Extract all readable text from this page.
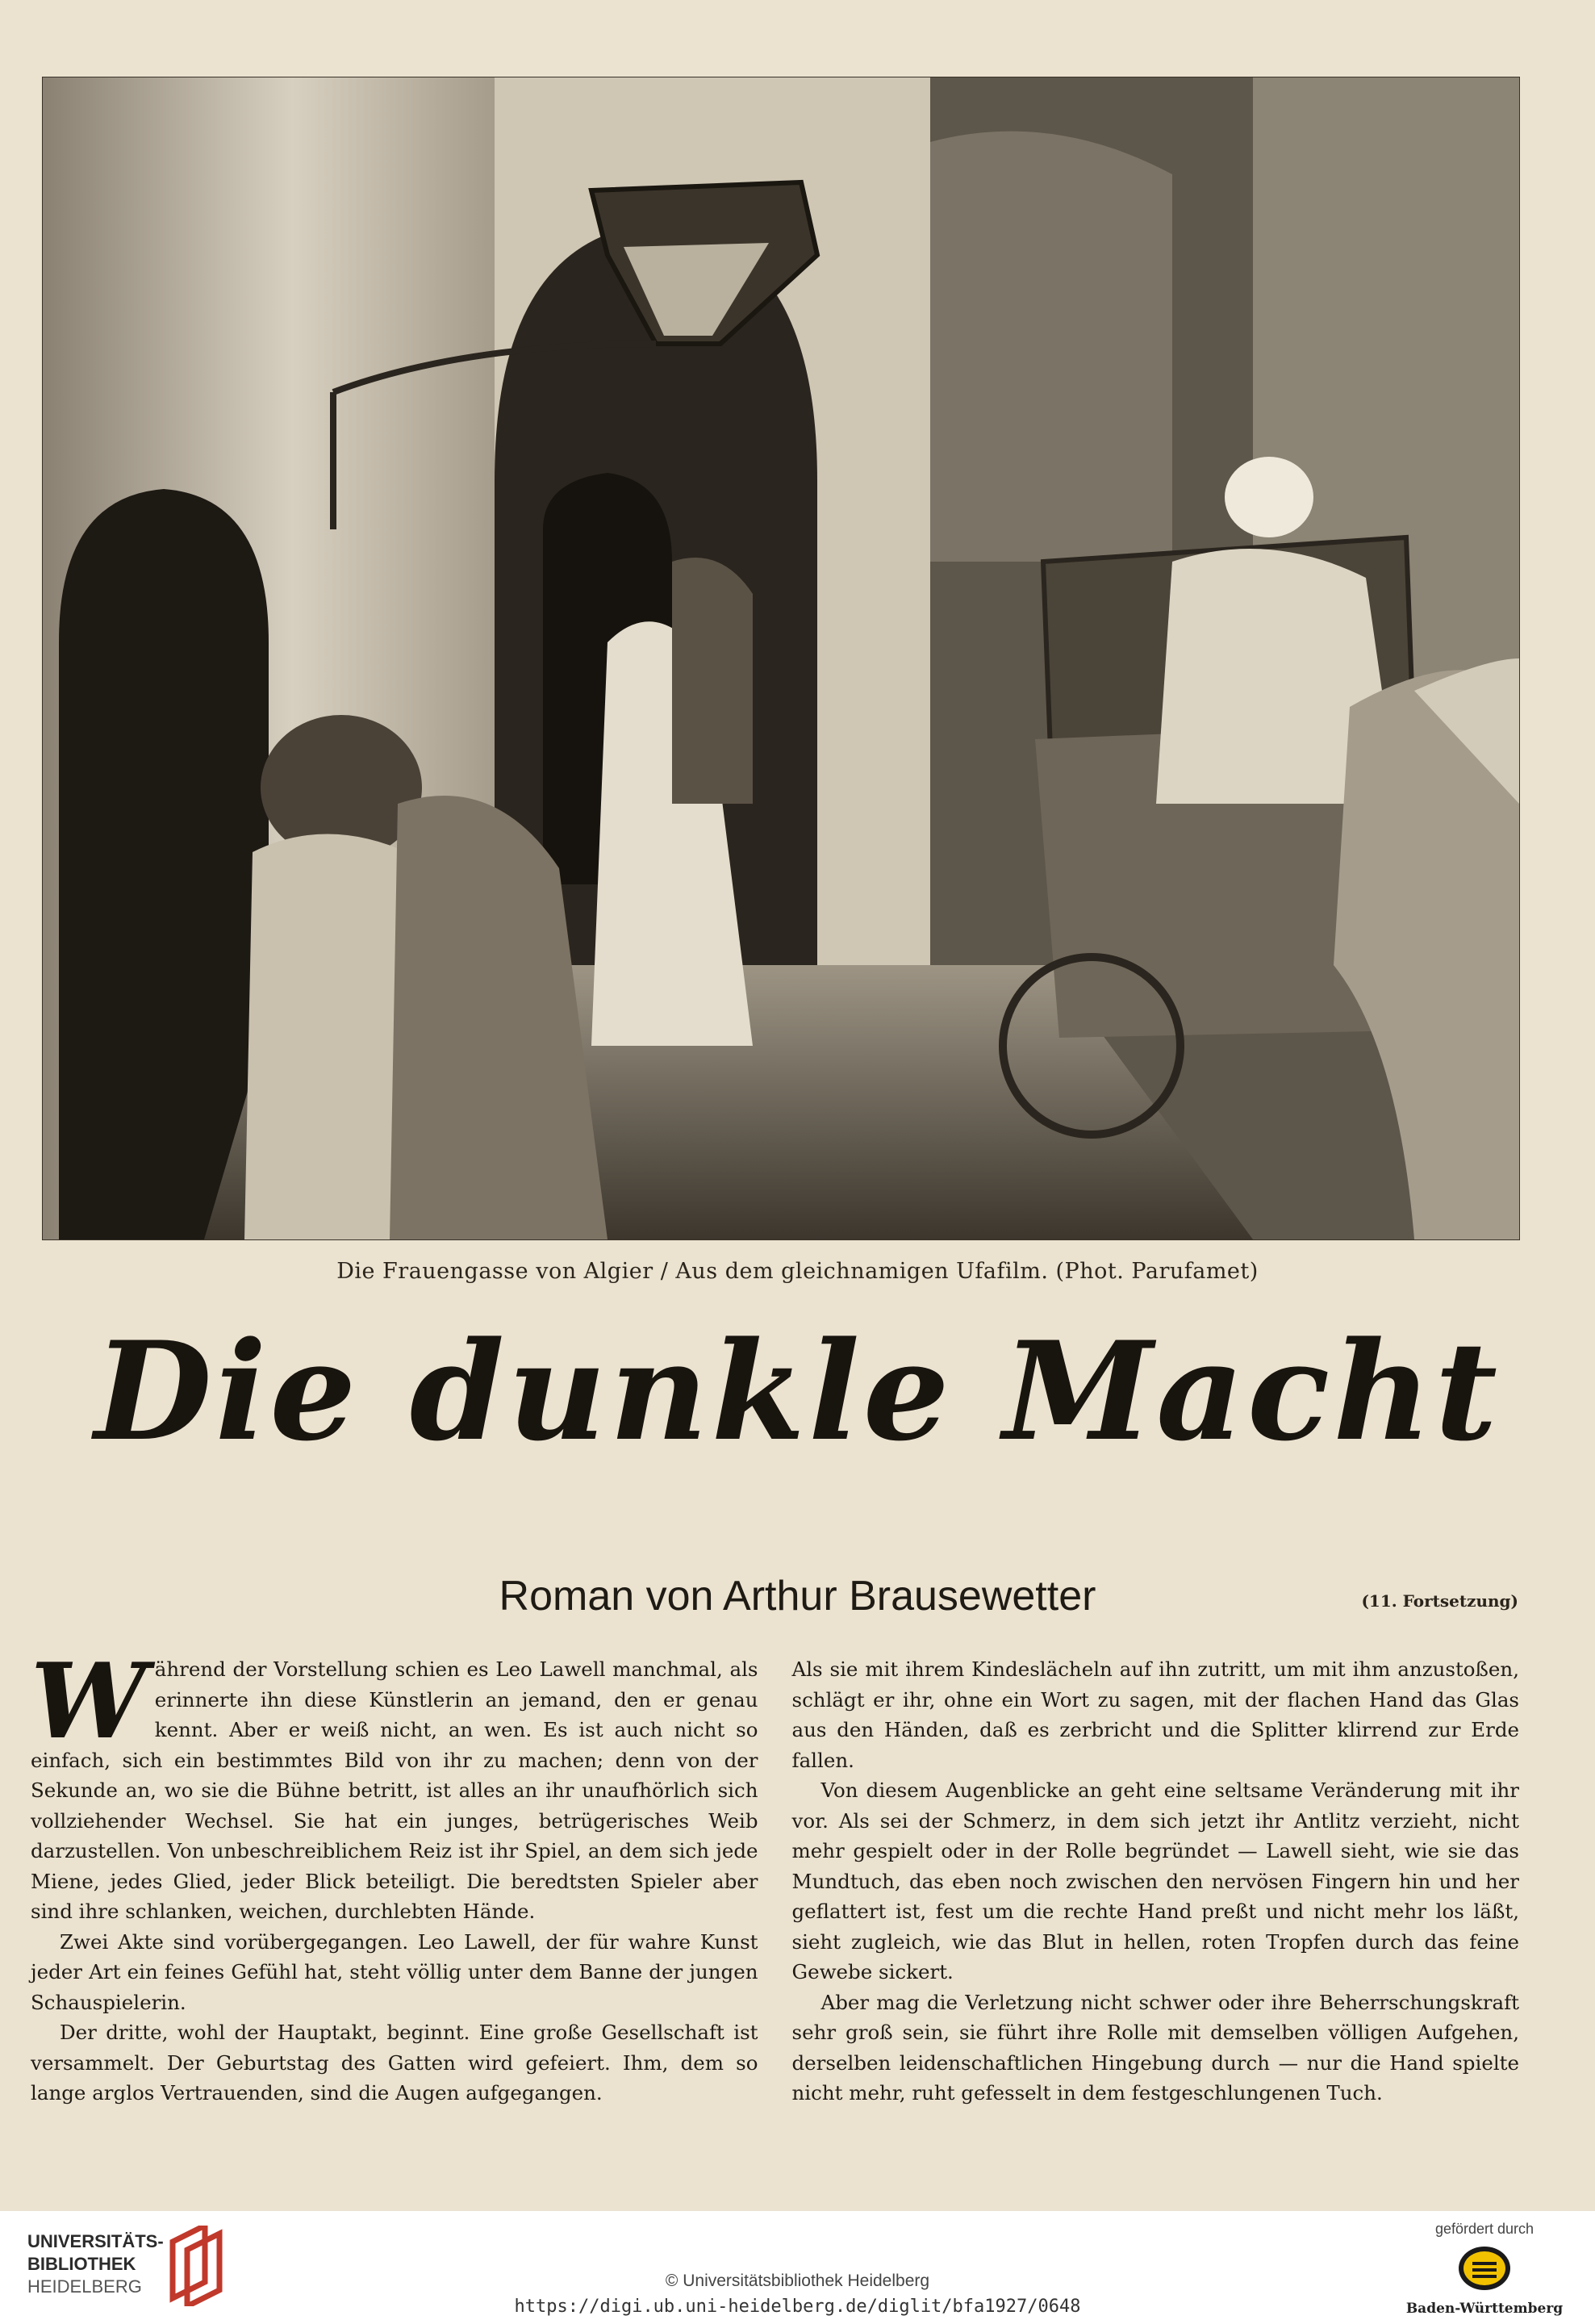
Die Frauengasse von Algier / Aus dem gleichnamigen Ufafilm. (Phot. Parufamet)
Die dunkle Macht
Roman von Arthur Brausewetter	(11. Fortsetzung)

Während der Vorstellung schien es Leo Lawell manchmal, als erinnerte ihn diese Künstlerin an jemand, den er genau kennt. Aber er weiß nicht, an wen. Es ist auch nicht so einfach, sich ein bestimmtes Bild von ihr zu machen; denn von der Sekunde an, wo sie die Bühne betritt, ist alles an ihr unaufhörlich sich vollziehender Wechsel. Sie hat ein junges, betrügerisches Weib darzustellen. Von unbeschreiblichem Reiz ist ihr Spiel, an dem sich jede Miene, jedes Glied, jeder Blick beteiligt. Die beredtsten Spieler aber sind ihre schlanken, weichen, durchlebten Hände.

Zwei Akte sind vorübergegangen. Leo Lawell, der für wahre Kunst jeder Art ein feines Gefühl hat, steht völlig unter dem Banne der jungen Schauspielerin.

Der dritte, wohl der Hauptakt, beginnt. Eine große Gesellschaft ist versammelt. Der Geburtstag des Gatten wird gefeiert. Ihm, dem so lange arglos Vertrauenden, sind die Augen aufgegangen.

Als sie mit ihrem Kindeslächeln auf ihn zutritt, um mit ihm anzustoßen, schlägt er ihr, ohne ein Wort zu sagen, mit der flachen Hand das Glas aus den Händen, daß es zerbricht und die Splitter klirrend zur Erde fallen.

Von diesem Augenblicke an geht eine seltsame Veränderung mit ihr vor. Als sei der Schmerz, in dem sich jetzt ihr Antlitz verzieht, nicht mehr gespielt oder in der Rolle begründet — Lawell sieht, wie sie das Mundtuch, das eben noch zwischen den nervösen Fingern hin und her geflattert ist, fest um die rechte Hand preßt und nicht mehr los läßt, sieht zugleich, wie das Blut in hellen, roten Tropfen durch das feine Gewebe sickert.

Aber mag die Verletzung nicht schwer oder ihre Beherrschungskraft sehr groß sein, sie führt ihre Rolle mit demselben völligen Aufgehen, derselben leidenschaftlichen Hingebung durch — nur die Hand spielte nicht mehr, ruht gefesselt in dem festgeschlungenen Tuch.

UNIVERSITÄTS-
BIBLIOTHEK
HEIDELBERG	© Universitätsbibliothek Heidelberg
https://digi.ub.uni-heidelberg.de/diglit/bfa1927/0648
gefördert durch
Baden-Württemberg
